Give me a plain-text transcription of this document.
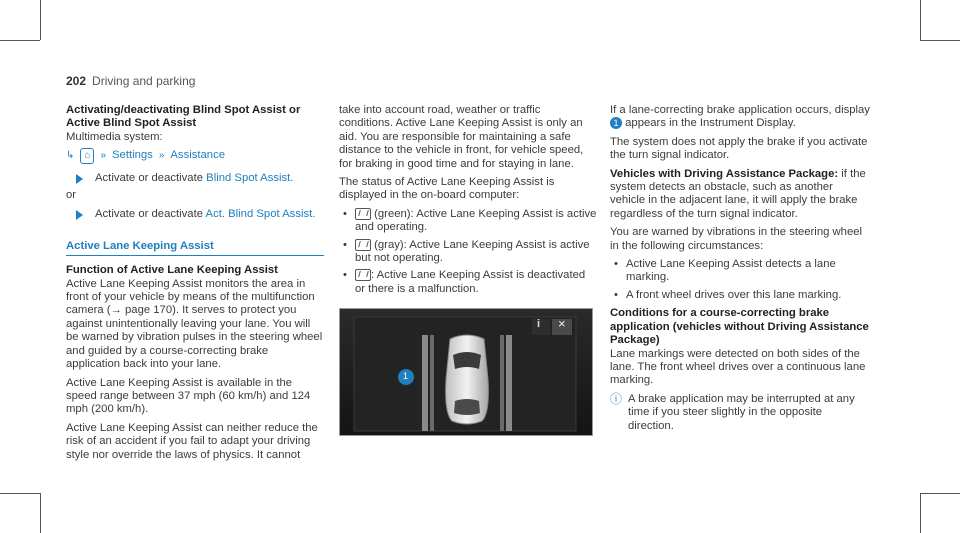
202 Driving and parking
Activating/deactivating Blind Spot Assist or Active Blind Spot Assist
Multimedia system:
↳	⌂	» Settings » Assistance
Activate or deactivate Blind Spot Assist.
or
Activate or deactivate Act. Blind Spot Assist.
Active Lane Keeping Assist
Function of Active Lane Keeping Assist

Active Lane Keeping Assist monitors the area in front of your vehicle by means of the multifunction camera (→ page 170). It serves to protect you against unintentionally leaving your lane. You will be warned by vibration pulses in the steering wheel and guided by a course-correcting brake application back into your lane.

Active Lane Keeping Assist is available in the speed range between 37 mph (60 km/h) and 124 mph (200 km/h).

Active Lane Keeping Assist can neither reduce the risk of an accident if you fail to adapt your driving style nor override the laws of physics. It cannot

take into account road, weather or traffic conditions. Active Lane Keeping Assist is only an aid. You are responsible for maintaining a safe distance to the vehicle in front, for vehicle speed, for braking in good time and for staying in lane.

The status of Active Lane Keeping Assist is displayed in the on-board computer:

• (green): Active Lane Keeping Assist is active and operating.
• (gray): Active Lane Keeping Assist is active but not operating.
• : Active Lane Keeping Assist is deactivated or there is a malfunction.
i ×
1

If a lane-correcting brake application occurs, display 1 appears in the Instrument Display.

The system does not apply the brake if you activate the turn signal indicator.

Vehicles with Driving Assistance Package: if the system detects an obstacle, such as another vehicle in the adjacent lane, it will apply the brake regardless of the turn signal indicator.

You are warned by vibrations in the steering wheel in the following circumstances:

• Active Lane Keeping Assist detects a lane marking.
• A front wheel drives over this lane marking.
Conditions for a course-correcting brake application (vehicles without Driving Assistance Package)

Lane markings were detected on both sides of the lane. The front wheel drives over a continuous lane marking.

ⓘ A brake application may be interrupted at any time if you steer slightly in the opposite direction.
